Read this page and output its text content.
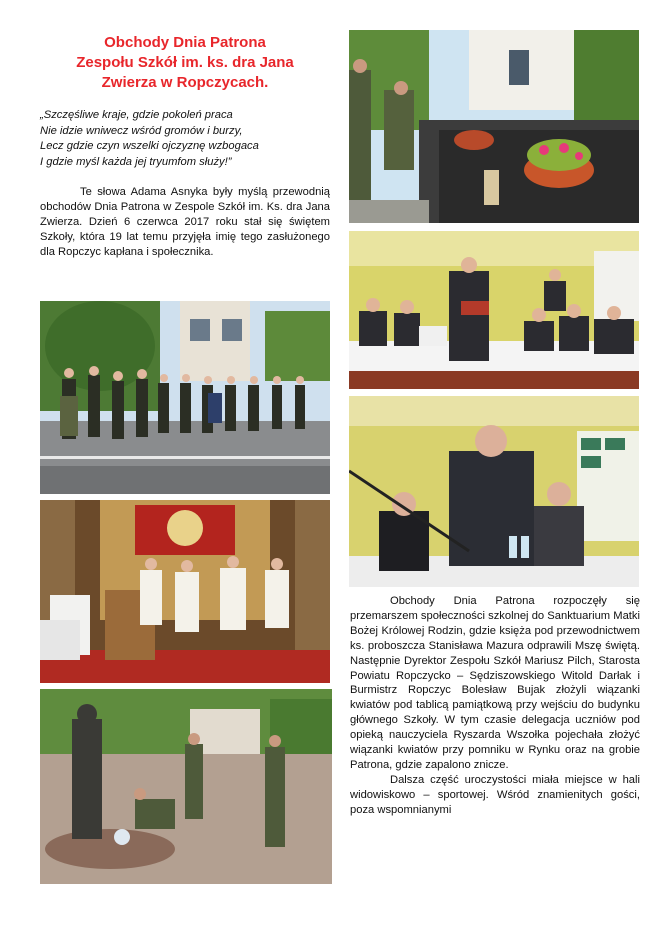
Obchody Dnia Patrona
Zespołu Szkół im. ks. dra Jana
Zwierza w Ropczycach.
„Szczęśliwe kraje, gdzie pokoleń praca
Nie idzie wniwecz wśród gromów i burzy,
Lecz gdzie czyn wszelki ojczyznę wzbogaca
I gdzie myśl każda jej tryumfom służy!”

Te słowa Adama Asnyka były myślą przewodnią obchodów Dnia Patrona w Zespole Szkół im. Ks. dra Jana Zwierza. Dzień 6 czerwca 2017 roku stał się świętem Szkoły, która 19 lat temu przyjęła imię tego zasłużonego dla Ropczyc kapłana i społecznika.

Obchody Dnia Patrona rozpoczęły się przemarszem społeczności szkolnej do Sanktuarium Matki Bożej Królowej Rodzin, gdzie księża pod przewodnictwem ks. proboszcza Stanisława Mazura odprawili Mszę świętą. Następnie Dyrektor Zespołu Szkół Mariusz Pilch, Starosta Powiatu Ropczycko – Sędziszowskiego Witold Darłak i Burmistrz Ropczyc Bolesław Bujak złożyli wiązanki kwiatów pod tablicą pamiątkową przy wejściu do budynku głównego Szkoły. W tym czasie delegacja uczniów pod opieką nauczyciela Ryszarda Wszołka pojechała złożyć wiązanki kwiatów przy pomniku w Rynku oraz na grobie Patrona, gdzie zapalono znicze.

Dalsza część uroczystości miała miejsce w hali widowiskowo – sportowej. Wśród znamienitych gości, poza wspomnianymi
